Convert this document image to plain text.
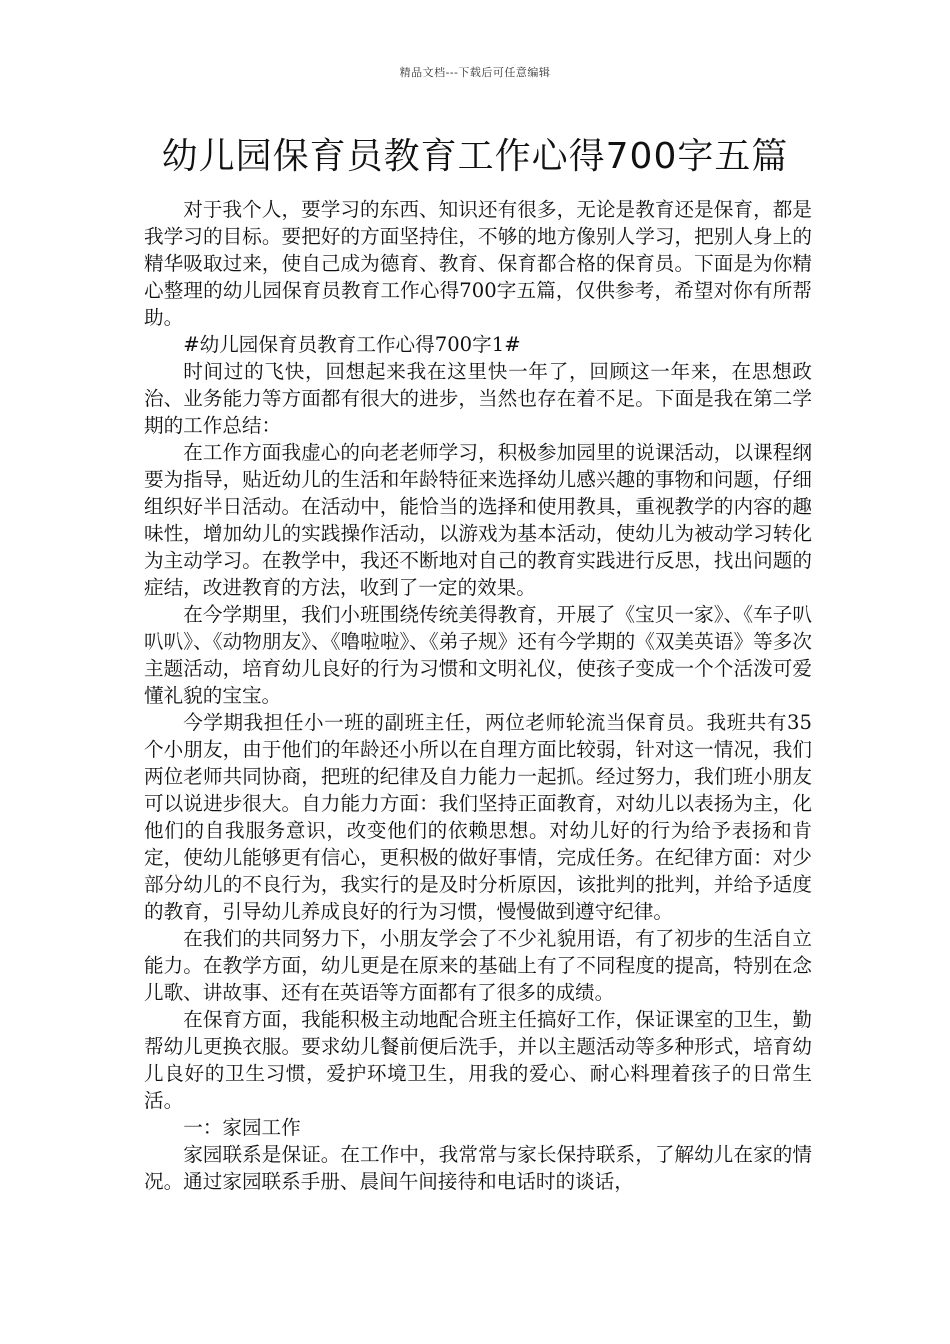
精品文档---下载后可任意编辑
幼儿园保育员教育工作心得700字五篇

对于我个人，要学习的东西、知识还有很多，无论是教育还是保育，都是我学习的目标。要把好的方面坚持住，不够的地方像别人学习，把别人身上的精华吸取过来，使自己成为德育、教育、保育都合格的保育员。下面是为你精心整理的幼儿园保育员教育工作心得700字五篇，仅供参考，希望对你有所帮助。

#幼儿园保育员教育工作心得700字1#

时间过的飞快，回想起来我在这里快一年了，回顾这一年来，在思想政治、业务能力等方面都有很大的进步，当然也存在着不足。下面是我在第二学期的工作总结：

在工作方面我虚心的向老老师学习，积极参加园里的说课活动，以课程纲要为指导，贴近幼儿的生活和年龄特征来选择幼儿感兴趣的事物和问题，仔细组织好半日活动。在活动中，能恰当的选择和使用教具，重视教学的内容的趣味性，增加幼儿的实践操作活动，以游戏为基本活动，使幼儿为被动学习转化为主动学习。在教学中，我还不断地对自己的教育实践进行反思，找出问题的症结，改进教育的方法，收到了一定的效果。

在今学期里，我们小班围绕传统美得教育，开展了《宝贝一家》、《车子叭叭叭》、《动物朋友》、《噜啦啦》、《弟子规》还有今学期的《双美英语》等多次主题活动，培育幼儿良好的行为习惯和文明礼仪，使孩子变成一个个活泼可爱懂礼貌的宝宝。

今学期我担任小一班的副班主任，两位老师轮流当保育员。我班共有35个小朋友，由于他们的年龄还小所以在自理方面比较弱，针对这一情况，我们两位老师共同协商，把班的纪律及自力能力一起抓。经过努力，我们班小朋友可以说进步很大。自力能力方面：我们坚持正面教育，对幼儿以表扬为主，化他们的自我服务意识，改变他们的依赖思想。对幼儿好的行为给予表扬和肯定，使幼儿能够更有信心，更积极的做好事情，完成任务。在纪律方面：对少部分幼儿的不良行为，我实行的是及时分析原因，该批判的批判，并给予适度的教育，引导幼儿养成良好的行为习惯，慢慢做到遵守纪律。

在我们的共同努力下，小朋友学会了不少礼貌用语，有了初步的生活自立能力。在教学方面，幼儿更是在原来的基础上有了不同程度的提高，特别在念儿歌、讲故事、还有在英语等方面都有了很多的成绩。

在保育方面，我能积极主动地配合班主任搞好工作，保证课室的卫生，勤帮幼儿更换衣服。要求幼儿餐前便后洗手，并以主题活动等多种形式，培育幼儿良好的卫生习惯，爱护环境卫生，用我的爱心、耐心料理着孩子的日常生活。

一：家园工作

家园联系是保证。在工作中，我常常与家长保持联系，了解幼儿在家的情况。通过家园联系手册、晨间午间接待和电话时的谈话，
